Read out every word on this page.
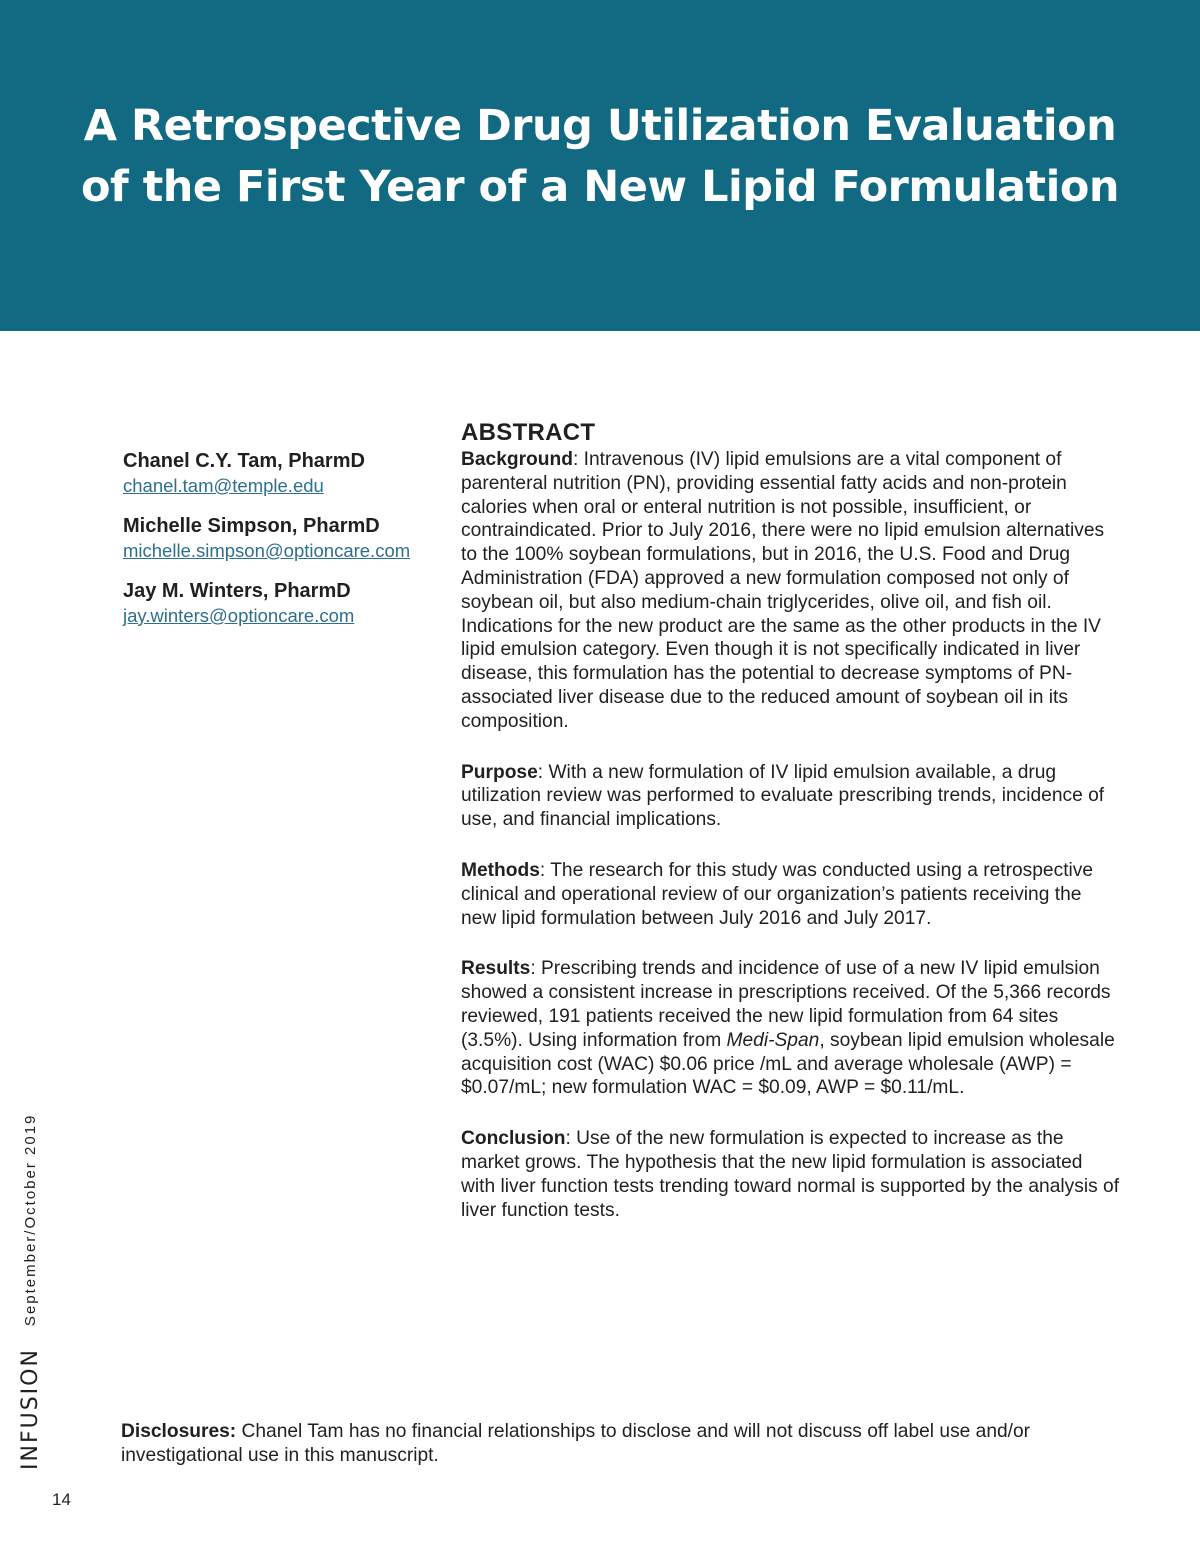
A Retrospective Drug Utilization Evaluation
of the First Year of a New Lipid Formulation
Chanel C.Y. Tam, PharmD
chanel.tam@temple.edu
Michelle Simpson, PharmD
michelle.simpson@optioncare.com
Jay M. Winters, PharmD
jay.winters@optioncare.com
ABSTRACT

Background: Intravenous (IV) lipid emulsions are a vital component of parenteral nutrition (PN), providing essential fatty acids and non-protein calories when oral or enteral nutrition is not possible, insufficient, or contraindicated. Prior to July 2016, there were no lipid emulsion alternatives to the 100% soybean formulations, but in 2016, the U.S. Food and Drug Administration (FDA) approved a new formulation composed not only of soybean oil, but also medium-chain triglycerides, olive oil, and fish oil. Indications for the new product are the same as the other products in the IV lipid emulsion category. Even though it is not specifically indicated in liver disease, this formulation has the potential to decrease symptoms of PN-associated liver disease due to the reduced amount of soybean oil in its composition.

Purpose: With a new formulation of IV lipid emulsion available, a drug utilization review was performed to evaluate prescribing trends, incidence of use, and financial implications.

Methods: The research for this study was conducted using a retrospective clinical and operational review of our organization’s patients receiving the new lipid formulation between July 2016 and July 2017.

Results: Prescribing trends and incidence of use of a new IV lipid emulsion showed a consistent increase in prescriptions received. Of the 5,366 records reviewed, 191 patients received the new lipid formulation from 64 sites (3.5%). Using information from Medi-Span, soybean lipid emulsion wholesale acquisition cost (WAC) $0.06 price /mL and average wholesale (AWP) = $0.07/mL; new formulation WAC = $0.09, AWP = $0.11/mL.

Conclusion: Use of the new formulation is expected to increase as the market grows. The hypothesis that the new lipid formulation is associated with liver function tests trending toward normal is supported by the analysis of liver function tests.

INFUSIONSeptember/October 2019

Disclosures: Chanel Tam has no financial relationships to disclose and will not discuss off label use and/or investigational use in this manuscript.

14
